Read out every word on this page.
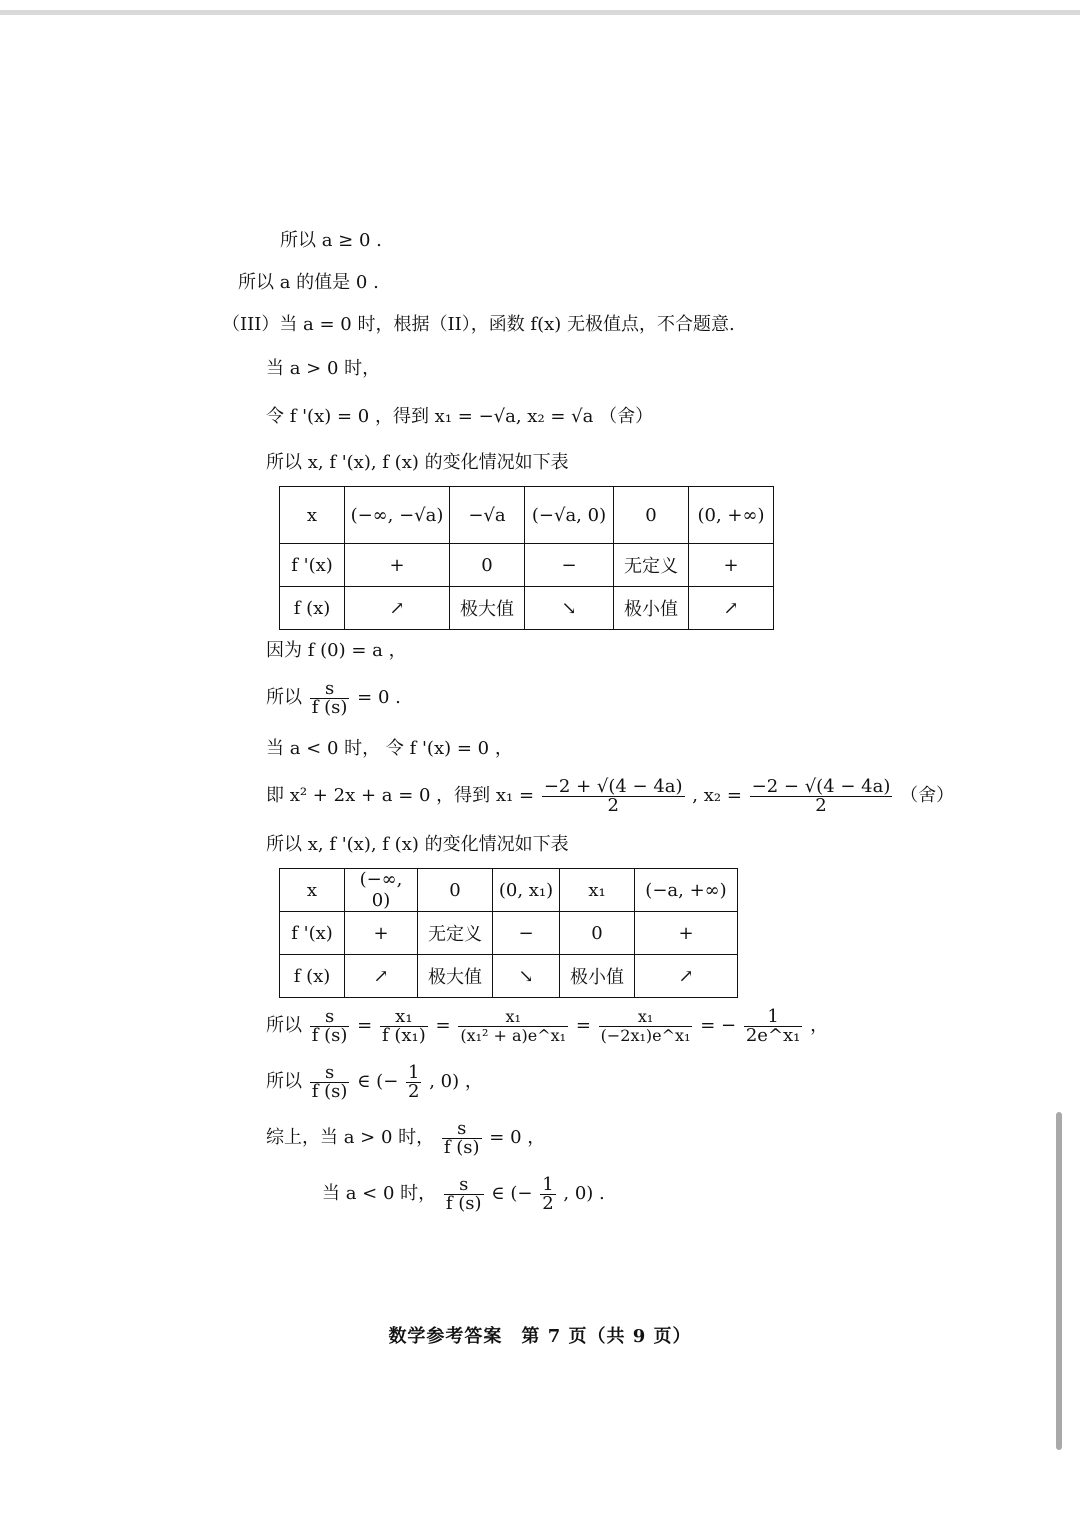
所以 a ≥ 0 .
所以 a 的值是 0 .
（III）当 a = 0 时，根据（II），函数 f(x) 无极值点，不合题意.
当 a > 0 时，
令 f '(x) = 0 ，得到 x₁ = −√a, x₂ = √a （舍）
所以 x, f '(x), f (x) 的变化情况如下表
x	(−∞, −√a)	−√a	(−√a, 0)	0	(0, +∞)
f '(x)	+	0	−	无定义	+
f (x)	↗	极大值	↘	极小值	↗
因为 f (0) = a ，
所以 $\frac{s}{f (s)} = 0$ .
当 a < 0 时， 令 f '(x) = 0 ，
即 x² + 2x + a = 0 ，得到 $x_1 = \frac{-2 + √(4 - 4a)}{2}$ , $x_2 = \frac{-2 - √(4 - 4a)}{2}$ （舍）
所以 x, f '(x), f (x) 的变化情况如下表
x	(−∞, 0)	0	(0, x₁)	x₁	(−a, +∞)
f '(x)	+	无定义	−	0	+
f (x)	↗	极大值	↘	极小值	↗
所以 $\frac{s}{f (s)} = \frac{\text{x₁}}{\text{f (x₁)}} = \frac{\text{x₁}}{\text{(x₁² + a)e\textasciicircum{}x₁}} = \frac{\text{x₁}}{\text{(−2x₁)e\textasciicircum{}x₁}}$ = − $\frac{1}{\text{2e\textasciicircum{}x₁}}$ ，
所以 $\frac{s}{f (s)}$ ∈ (− $\frac{1}{2}$ , 0) ，
综上，当 a > 0 时， $\frac{s}{f (s)} = 0$ ，
当 a < 0 时， $\frac{s}{f (s)}$ ∈ (− $\frac{1}{2}$ , 0) .
数学参考答案　第 7 页（共 9 页）
